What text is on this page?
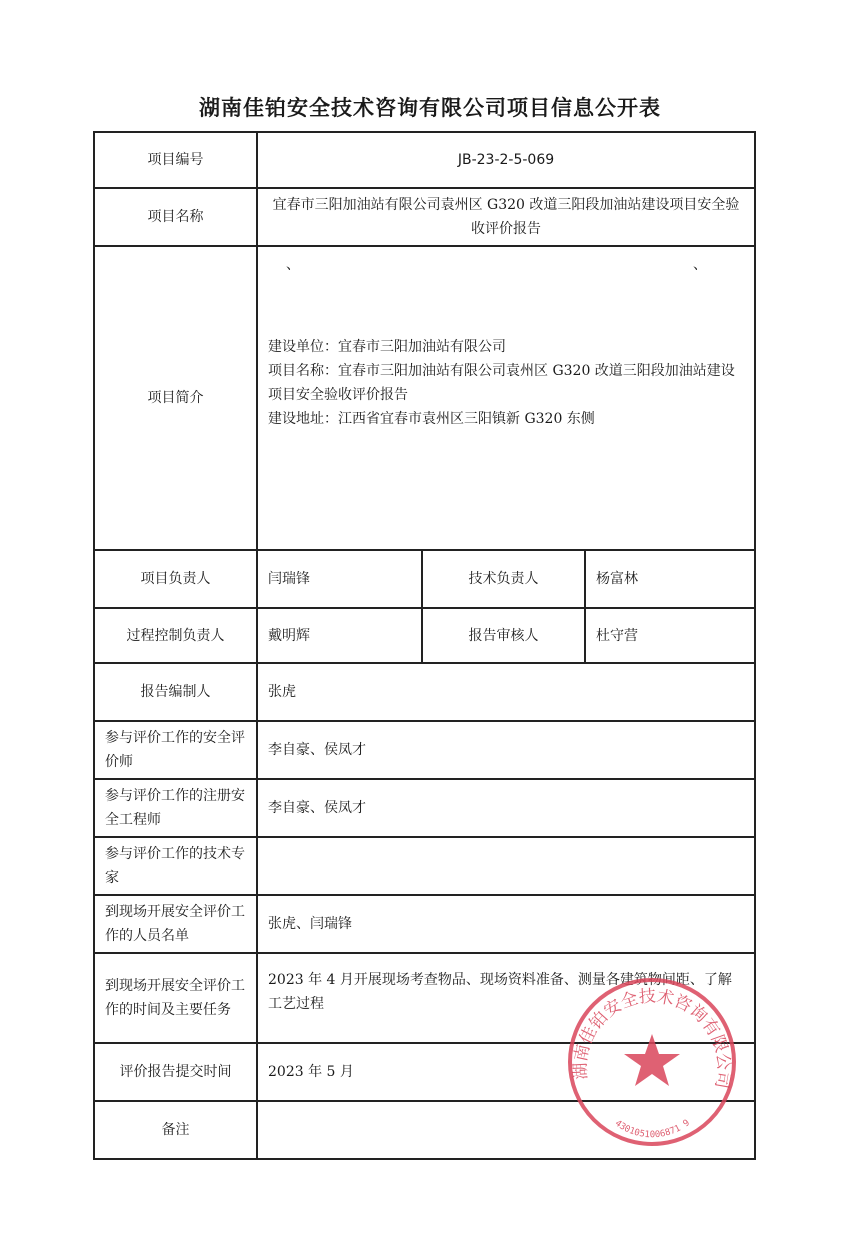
湖南佳铂安全技术咨询有限公司项目信息公开表
项目编号	JB-23-2-5-069		
项目名称	宜春市三阳加油站有限公司袁州区 G320 改道三阳段加油站建设项目安全验收评价报告		
项目简介	、 、
建设单位：宜春市三阳加油站有限公司
项目名称：宜春市三阳加油站有限公司袁州区 G320 改道三阳段加油站建设项目安全验收评价报告
建设地址：江西省宜春市袁州区三阳镇新 G320 东侧		

项目负责人	闫瑞锋	技术负责人	杨富林
过程控制负责人	戴明辉	报告审核人	杜守营
报告编制人	张虎		
参与评价工作的安全评价师	李自豪、侯凤才		
参与评价工作的注册安全工程师	李自豪、侯凤才		
参与评价工作的技术专家			
到现场开展安全评价工作的人员名单	张虎、闫瑞锋		
到现场开展安全评价工作的时间及主要任务	2023 年 4 月开展现场考查物品、现场资料准备、测量各建筑物间距、了解工艺过程		
评价报告提交时间	2023 年 5 月		
备注			
湖南佳铂安全技术咨询有限公司
4301051006871 9
